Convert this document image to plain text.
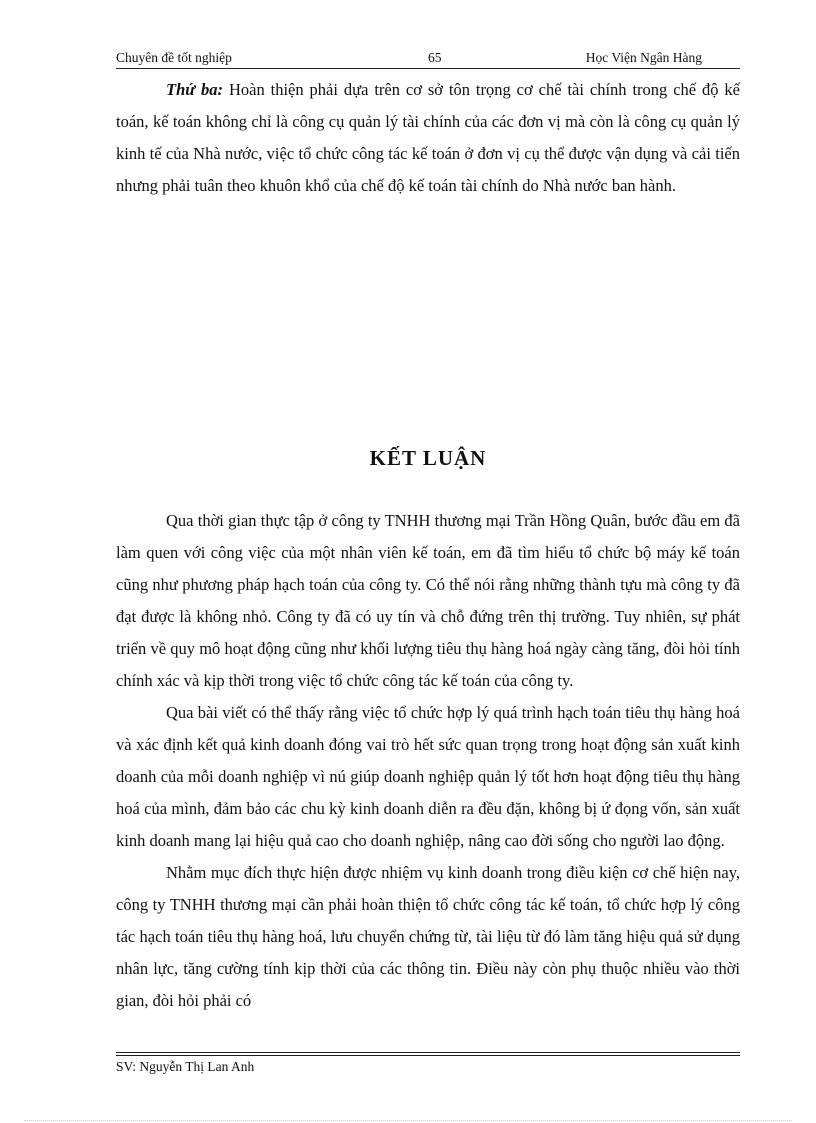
Chuyên đề tốt nghiệp	65	Học Viện Ngân Hàng

Thứ ba: Hoàn thiện phải dựa trên cơ sở tôn trọng cơ chế tài chính trong chế độ kế toán, kế toán không chỉ là công cụ quản lý tài chính của các đơn vị mà còn là công cụ quản lý kinh tế của Nhà nước, việc tổ chức công tác kế toán ở đơn vị cụ thể được vận dụng và cải tiến nhưng phải tuân theo khuôn khổ của chế độ kế toán tài chính do Nhà nước ban hành.

KẾT LUẬN

Qua thời gian thực tập ở công ty TNHH thương mại Trần Hồng Quân, bước đầu em đã làm quen với công việc của một nhân viên kế toán, em đã tìm hiểu tổ chức bộ máy kế toán cũng như phương pháp hạch toán của công ty. Có thể nói rằng những thành tựu mà công ty đã đạt được là không nhỏ. Công ty đã có uy tín và chỗ đứng trên thị trường. Tuy nhiên, sự phát triển về quy mô hoạt động cũng như khối lượng tiêu thụ hàng hoá ngày càng tăng, đòi hỏi tính chính xác và kịp thời trong việc tổ chức công tác kế toán của công ty.

Qua bài viết có thể thấy rằng việc tổ chức hợp lý quá trình hạch toán tiêu thụ hàng hoá và xác định kết quả kinh doanh đóng vai trò hết sức quan trọng trong hoạt động sản xuất kinh doanh của mỗi doanh nghiệp vì nú giúp doanh nghiệp quản lý tốt hơn hoạt động tiêu thụ hàng hoá của mình, đảm bảo các chu kỳ kinh doanh diễn ra đều đặn, không bị ứ đọng vốn, sản xuất kinh doanh mang lại hiệu quả cao cho doanh nghiệp, nâng cao đời sống cho người lao động.

Nhằm mục đích thực hiện được nhiệm vụ kinh doanh trong điều kiện cơ chế hiện nay, công ty TNHH thương mại cần phải hoàn thiện tổ chức công tác kế toán, tổ chức hợp lý công tác hạch toán tiêu thụ hàng hoá, lưu chuyển chứng từ, tài liệu từ đó làm tăng hiệu quả sử dụng nhân lực, tăng cường tính kịp thời của các thông tin. Điều này còn phụ thuộc nhiều vào thời gian, đòi hỏi phải có

SV: Nguyễn Thị Lan Anh
